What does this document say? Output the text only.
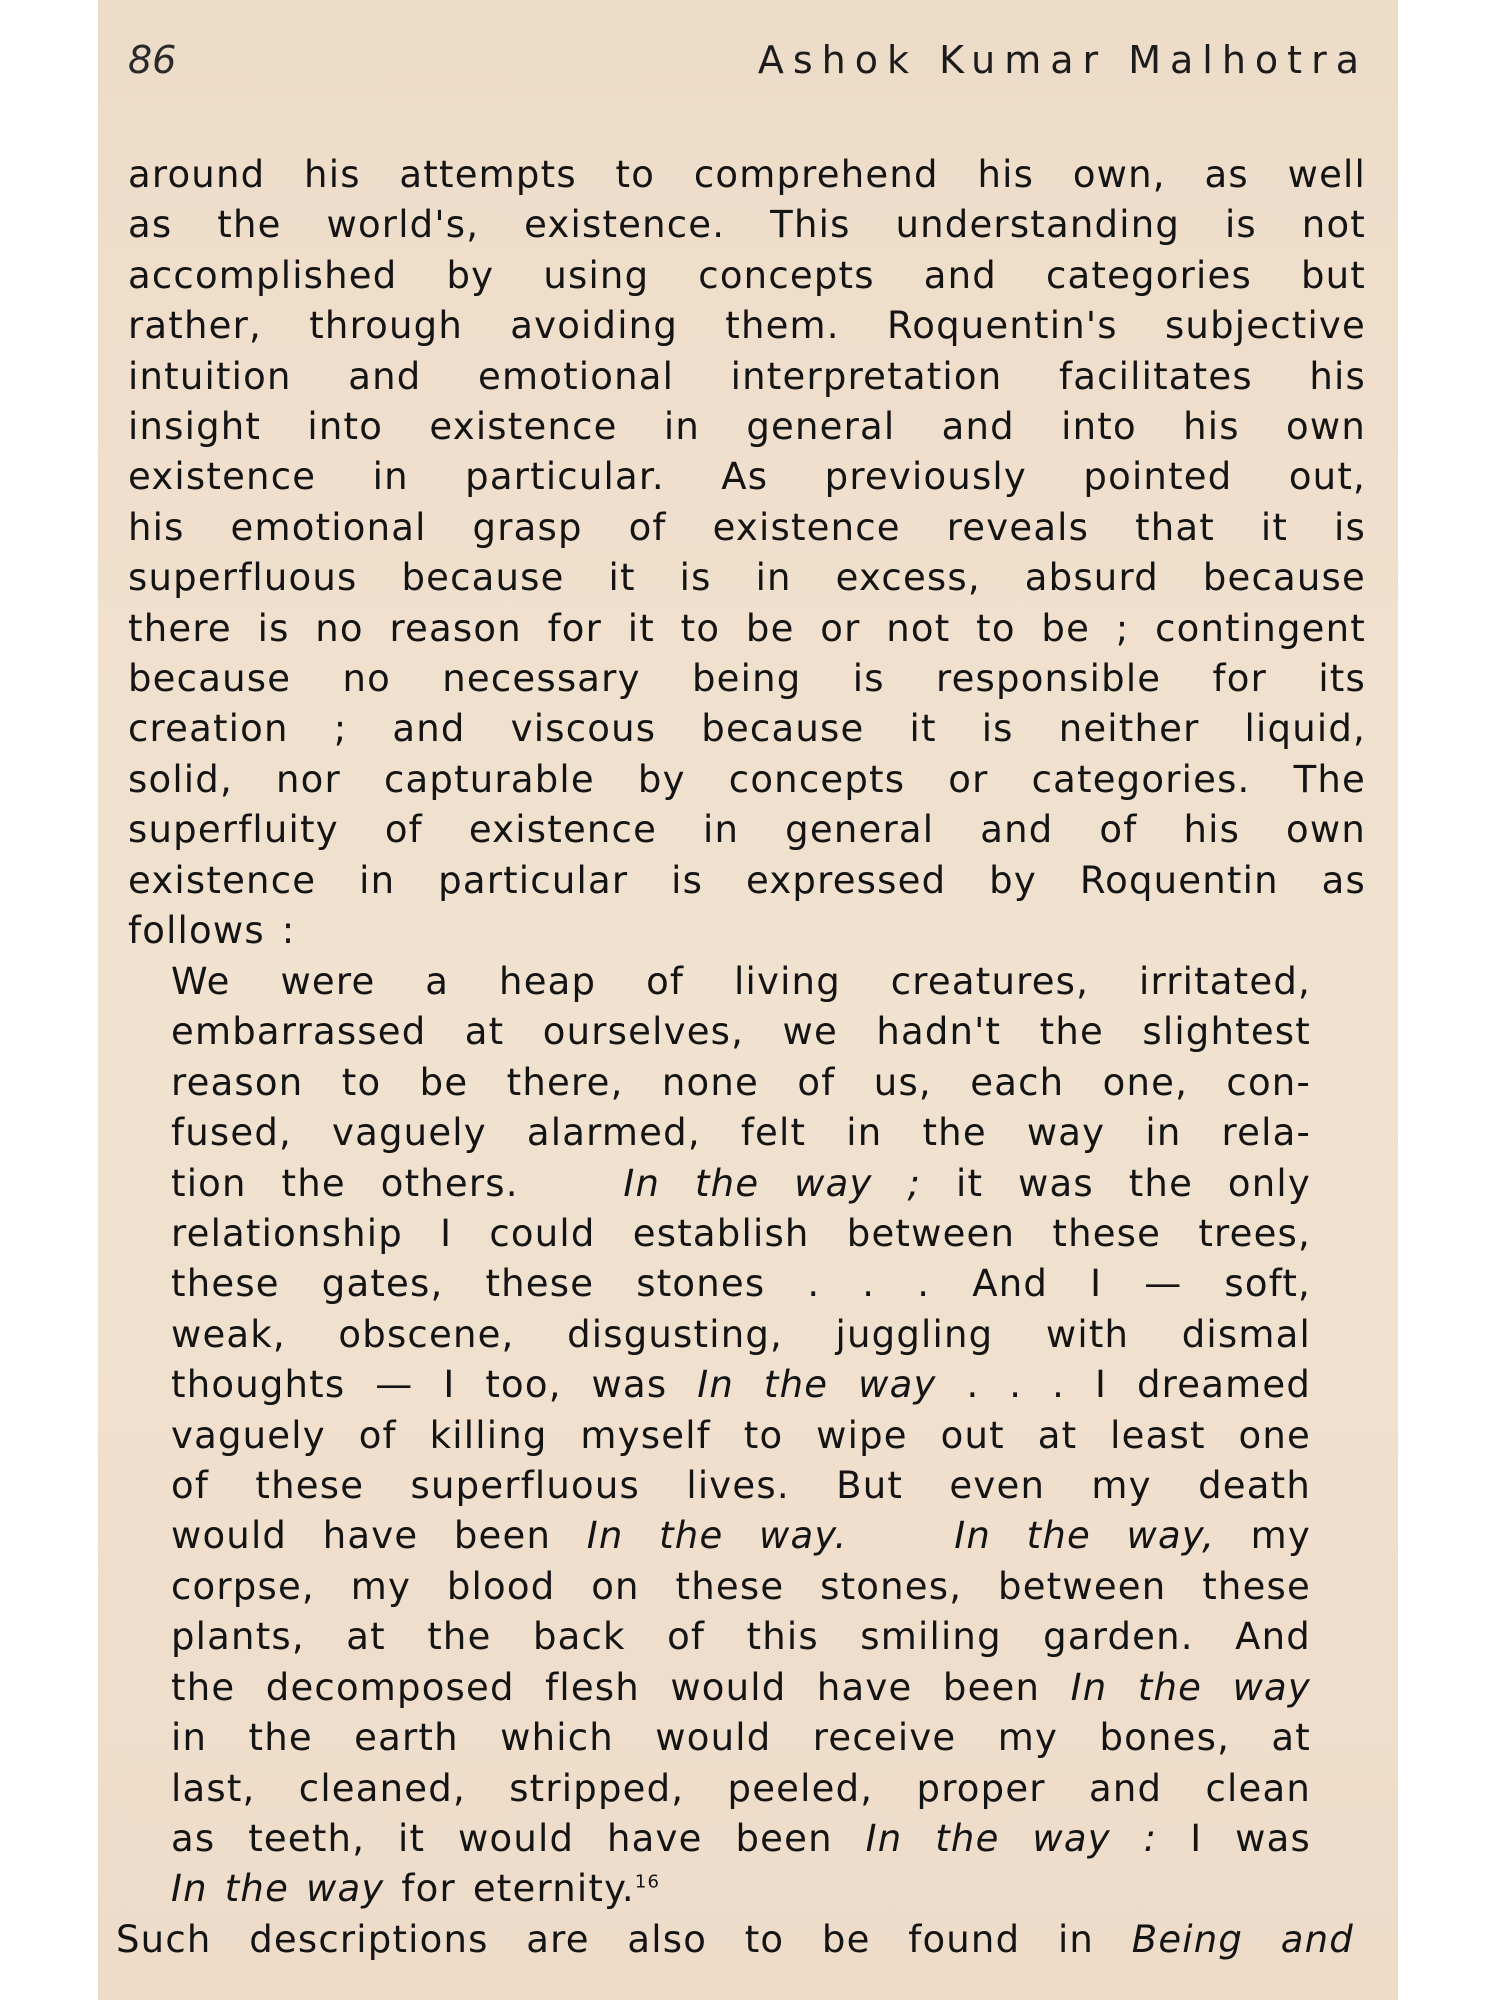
86	Ashok Kumar Malhotra
around his attempts to comprehend his own, as well
as the world's, existence. This understanding is not
accomplished by using concepts and categories but
rather, through avoiding them. Roquentin's subjective
intuition and emotional interpretation facilitates his
insight into existence in general and into his own
existence in particular. As previously pointed out,
his emotional grasp of existence reveals that it is
superfluous because it is in excess, absurd because
there is no reason for it to be or not to be ; contingent
because no necessary being is responsible for its
creation ; and viscous because it is neither liquid,
solid, nor capturable by concepts or categories. The
superfluity of existence in general and of his own
existence in particular is expressed by Roquentin as
follows :
We were a heap of living creatures, irritated,
embarrassed at ourselves, we hadn't the slightest
reason to be there, none of us, each one, con-
fused, vaguely alarmed, felt in the way in rela-
tion the others.	In the way ; it was the only
relationship I could establish between these trees,
these gates, these stones . . . And I — soft,
weak, obscene, disgusting, juggling with dismal
thoughts — I too, was In the way . . . I dreamed
vaguely of killing myself to wipe out at least one
of these superfluous lives. But even my death
would have been In the way.	In the way, my
corpse, my blood on these stones, between these
plants, at the back of this smiling garden. And
the decomposed flesh would have been In the way
in the earth which would receive my bones, at
last, cleaned, stripped, peeled, proper and clean
as teeth, it would have been In the way : I was
In the way for eternity.$^{16}$
Such descriptions are also to be found in Being and
